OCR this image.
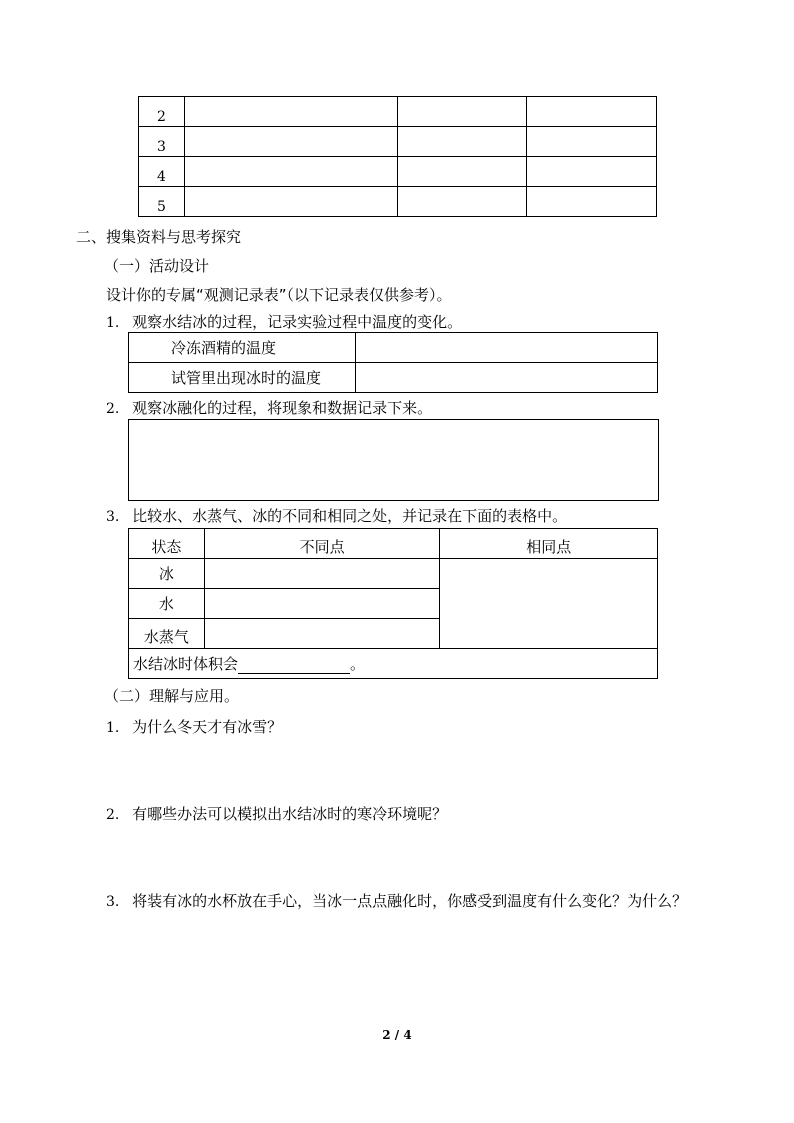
2			
3			
4			
5			
二、搜集资料与思考探究
（一）活动设计
设计你的专属“观测记录表”（以下记录表仅供参考）。
1. 观察水结冰的过程，记录实验过程中温度的变化。
冷冻酒精的温度	
试管里出现冰时的温度	
2. 观察冰融化的过程，将现象和数据记录下来。
3. 比较水、水蒸气、冰的不同和相同之处，并记录在下面的表格中。
状态	不同点	相同点
冰		
水		
水蒸气		
水结冰时体积会 。		
（二）理解与应用。
1. 为什么冬天才有冰雪？
2. 有哪些办法可以模拟出水结冰时的寒冷环境呢？
3. 将装有冰的水杯放在手心，当冰一点点融化时，你感受到温度有什么变化？为什么？
2 / 4
